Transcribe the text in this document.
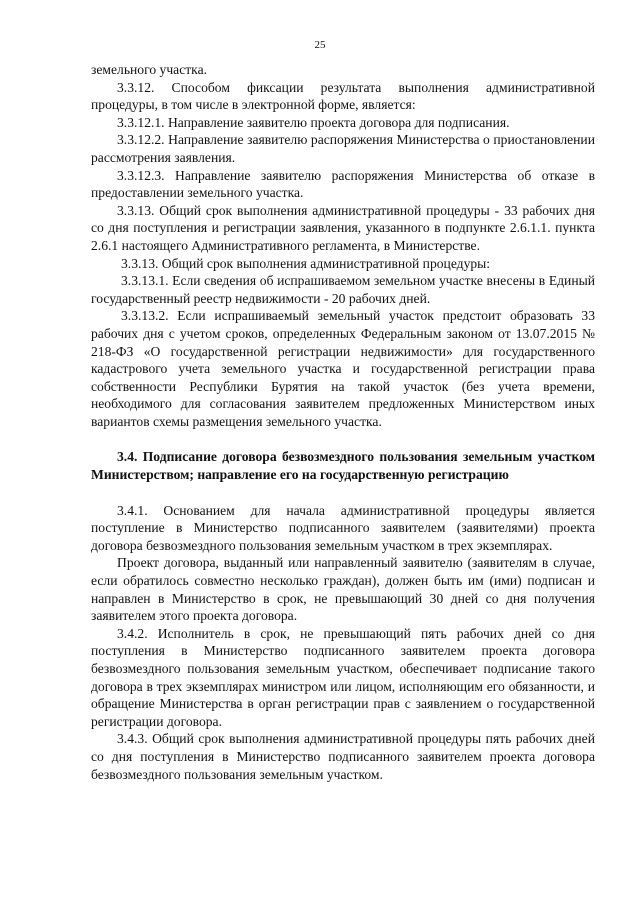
25

земельного участка.

3.3.12. Способом фиксации результата выполнения административной процедуры, в том числе в электронной форме, является:

3.3.12.1. Направление заявителю проекта договора для подписания.

3.3.12.2. Направление заявителю распоряжения Министерства о приостановлении рассмотрения заявления.

3.3.12.3. Направление заявителю распоряжения Министерства об отказе в предоставлении земельного участка.

3.3.13. Общий срок выполнения административной процедуры - 33 рабочих дня со дня поступления и регистрации заявления, указанного в подпункте 2.6.1.1. пункта 2.6.1 настоящего Административного регламента, в Министерстве.

3.3.13. Общий срок выполнения административной процедуры:

3.3.13.1. Если сведения об испрашиваемом земельном участке внесены в Единый государственный реестр недвижимости - 20 рабочих дней.

3.3.13.2. Если испрашиваемый земельный участок предстоит образовать 33 рабочих дня с учетом сроков, определенных Федеральным законом от 13.07.2015 № 218-ФЗ «О государственной регистрации недвижимости» для государственного кадастрового учета земельного участка и государственной регистрации права собственности Республики Бурятия на такой участок (без учета времени, необходимого для согласования заявителем предложенных Министерством иных вариантов схемы размещения земельного участка.

3.4. Подписание договора безвозмездного пользования земельным участком Министерством; направление его на государственную регистрацию

3.4.1. Основанием для начала административной процедуры является поступление в Министерство подписанного заявителем (заявителями) проекта договора безвозмездного пользования земельным участком в трех экземплярах.

Проект договора, выданный или направленный заявителю (заявителям в случае, если обратилось совместно несколько граждан), должен быть им (ими) подписан и направлен в Министерство в срок, не превышающий 30 дней со дня получения заявителем этого проекта договора.

3.4.2. Исполнитель в срок, не превышающий пять рабочих дней со дня поступления в Министерство подписанного заявителем проекта договора безвозмездного пользования земельным участком, обеспечивает подписание такого договора в трех экземплярах министром или лицом, исполняющим его обязанности, и обращение Министерства в орган регистрации прав с заявлением о государственной регистрации договора.

3.4.3. Общий срок выполнения административной процедуры пять рабочих дней со дня поступления в Министерство подписанного заявителем проекта договора безвозмездного пользования земельным участком.
